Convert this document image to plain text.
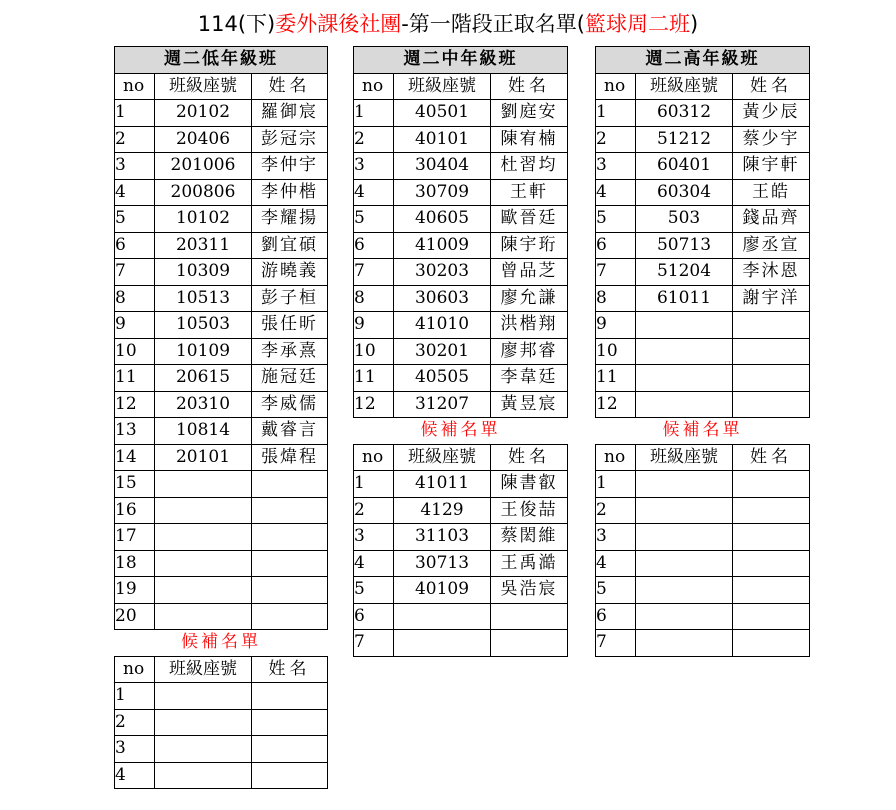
114(下)委外課後社團-第一階段正取名單(籃球周二班)
週二低年級班		
no	班級座號	姓名
1	20102	羅御宸
2	20406	彭冠宗
3	201006	李仲宇
4	200806	李仲楷
5	10102	李耀揚
6	20311	劉宜碩
7	10309	游曉義
8	10513	彭子桓
9	10503	張任昕
10	10109	李承熹
11	20615	施冠廷
12	20310	李威儒
13	10814	戴睿言
14	20101	張煒程
15		
16		
17		
18		
19		
20		
候補名單		
no	班級座號	姓名
1		
2		
3		
4		
週二中年級班		
no	班級座號	姓名
1	40501	劉庭安
2	40101	陳宥楠
3	30404	杜習均
4	30709	王軒
5	40605	歐晉廷
6	41009	陳宇珩
7	30203	曾品芝
8	30603	廖允謙
9	41010	洪楷翔
10	30201	廖邦睿
11	40505	李韋廷
12	31207	黃昱宸
候補名單		
no	班級座號	姓名
1	41011	陳書叡
2	4129	王俊喆
3	31103	蔡閎維
4	30713	王禹澔
5	40109	吳浩宸
6		
7		
週二高年級班		
no	班級座號	姓名
1	60312	黃少辰
2	51212	蔡少宇
3	60401	陳宇軒
4	60304	王皓
5	503	錢品齊
6	50713	廖丞宣
7	51204	李沐恩
8	61011	謝宇洋
9		
10		
11		
12		
候補名單		
no	班級座號	姓名
1		
2		
3		
4		
5		
6		
7		
